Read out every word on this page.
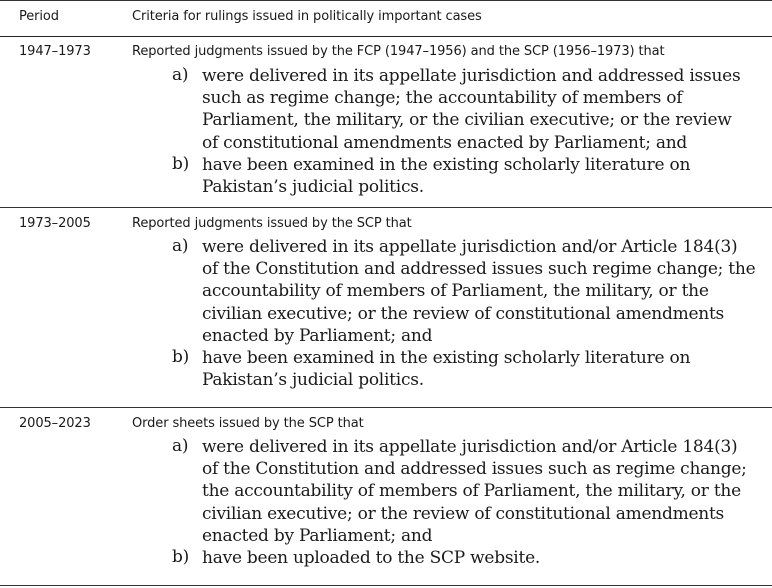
Period	Criteria for rulings issued in politically important cases
1947–1973	Reported judgments issued by the FCP (1947–1956) and the SCP (1956–1973) that
a) were delivered in its appellate jurisdiction and addressed issues
such as regime change; the accountability of members of
Parliament, the military, or the civilian executive; or the review
of constitutional amendments enacted by Parliament; and
b) have been examined in the existing scholarly literature on
Pakistan’s judicial politics.
1973–2005	Reported judgments issued by the SCP that
a) were delivered in its appellate jurisdiction and/or Article 184(3)
of the Constitution and addressed issues such regime change; the
accountability of members of Parliament, the military, or the
civilian executive; or the review of constitutional amendments
enacted by Parliament; and
b) have been examined in the existing scholarly literature on
Pakistan’s judicial politics.
2005–2023	Order sheets issued by the SCP that
a) were delivered in its appellate jurisdiction and/or Article 184(3)
of the Constitution and addressed issues such as regime change;
the accountability of members of Parliament, the military, or the
civilian executive; or the review of constitutional amendments
enacted by Parliament; and
b) have been uploaded to the SCP website.
